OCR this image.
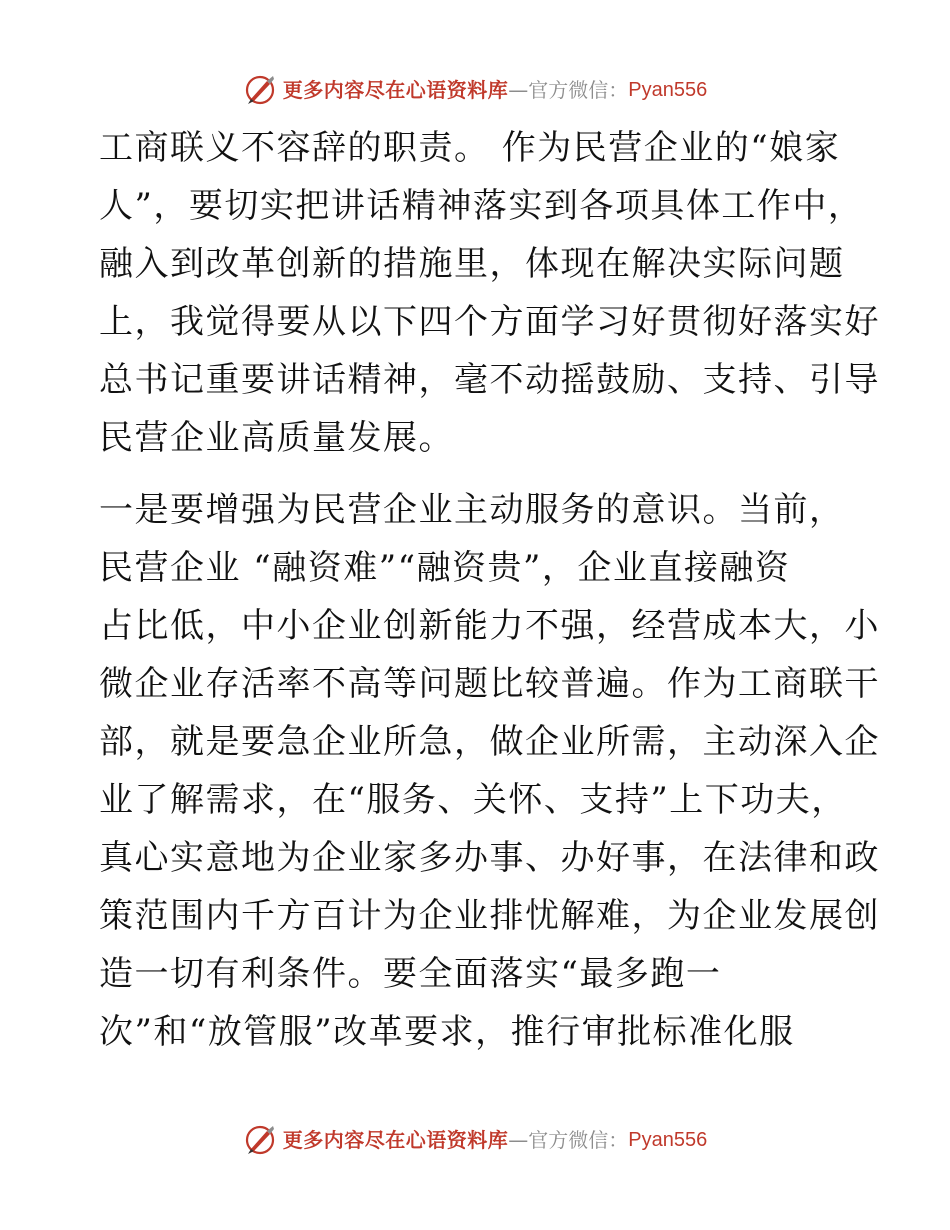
更多内容尽在心语资料库 — 官方微信： Pyan556
工商联义不容辞的职责。 作为民营企业的“娘家
人”，要切实把讲话精神落实到各项具体工作中，
融入到改革创新的措施里，体现在解决实际问题
上，我觉得要从以下四个方面学习好贯彻好落实好
总书记重要讲话精神，毫不动摇鼓励、支持、引导
民营企业高质量发展。
一是要增强为民营企业主动服务的意识。当前，
民营企业 “融资难”“融资贵”，企业直接融资
占比低，中小企业创新能力不强，经营成本大，小
微企业存活率不高等问题比较普遍。作为工商联干
部，就是要急企业所急，做企业所需，主动深入企
业了解需求，在“服务、关怀、支持”上下功夫，
真心实意地为企业家多办事、办好事，在法律和政
策范围内千方百计为企业排忧解难，为企业发展创
造一切有利条件。要全面落实“最多跑一
次”和“放管服”改革要求，推行审批标准化服
更多内容尽在心语资料库 — 官方微信： Pyan556
